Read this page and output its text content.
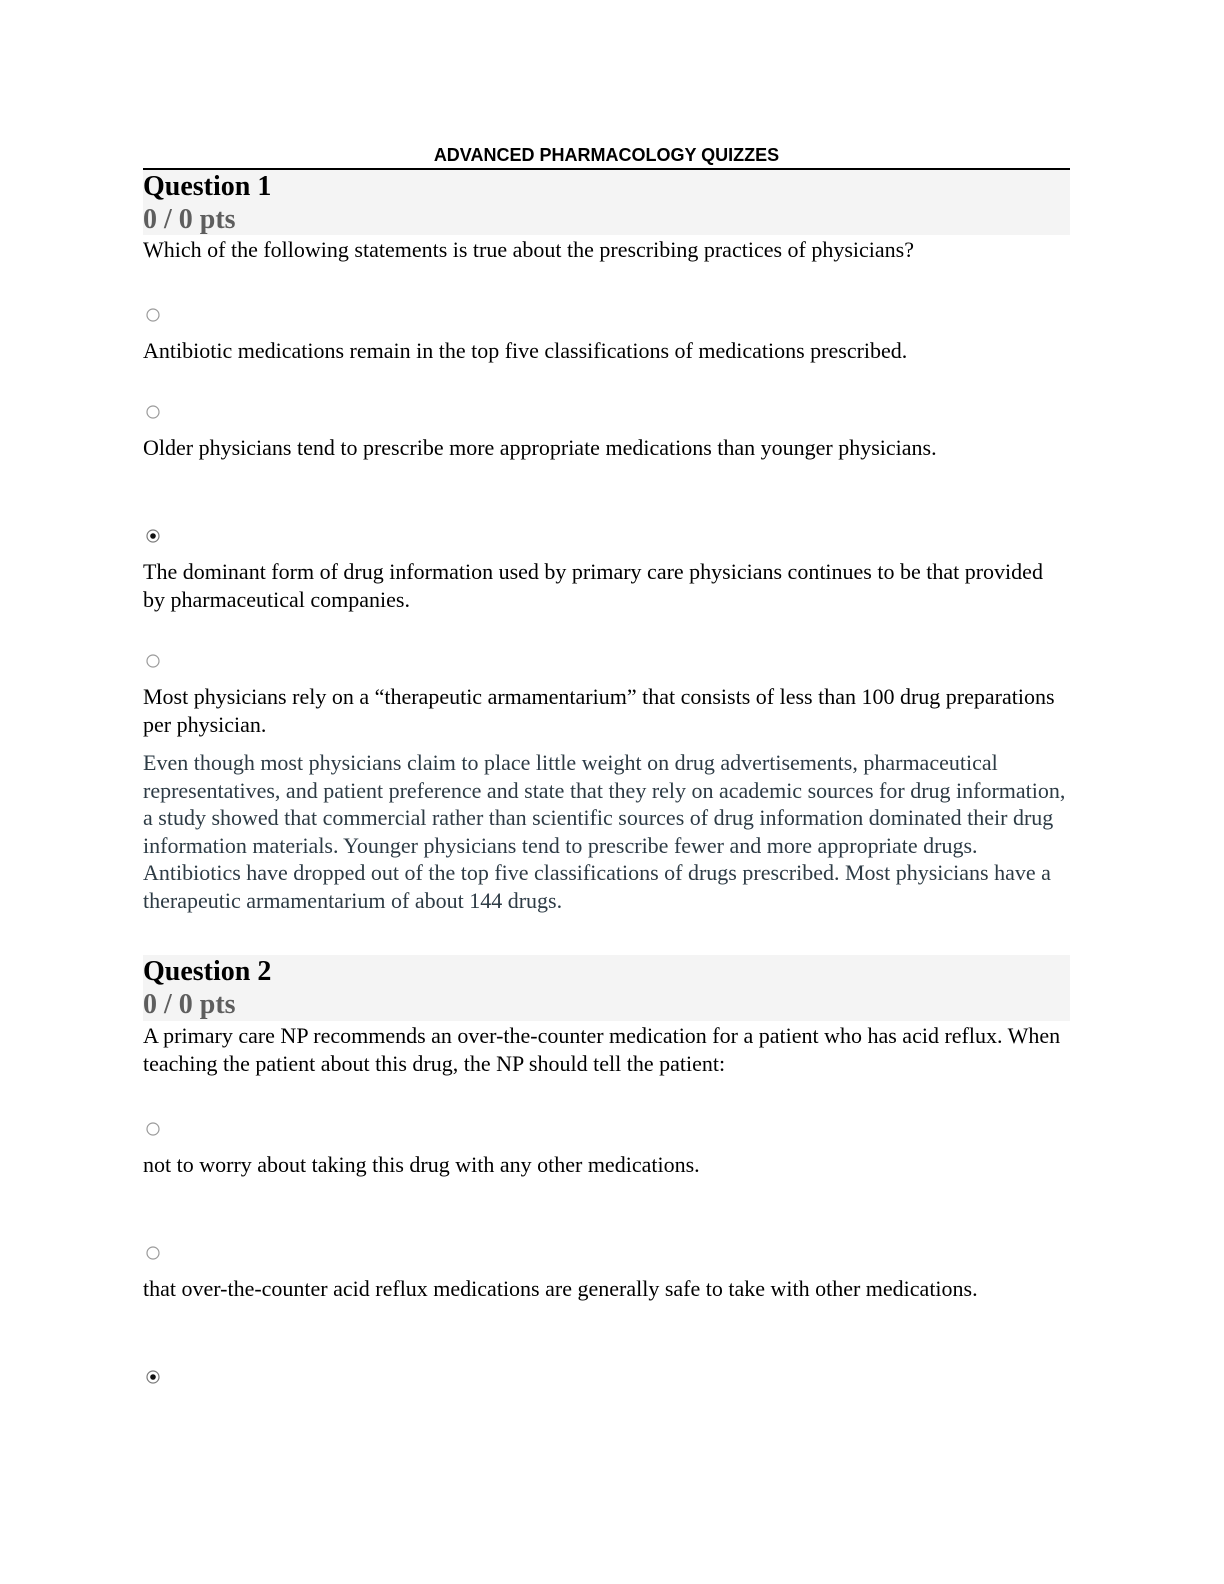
ADVANCED PHARMACOLOGY QUIZZES
Question 1
0 / 0 pts
Which of the following statements is true about the prescribing practices of physicians?
Antibiotic medications remain in the top five classifications of medications prescribed.
Older physicians tend to prescribe more appropriate medications than younger physicians.
The dominant form of drug information used by primary care physicians continues to be that provided by pharmaceutical companies.
Most physicians rely on a “therapeutic armamentarium” that consists of less than 100 drug preparations per physician.
Even though most physicians claim to place little weight on drug advertisements, pharmaceutical representatives, and patient preference and state that they rely on academic sources for drug information, a study showed that commercial rather than scientific sources of drug information dominated their drug information materials. Younger physicians tend to prescribe fewer and more appropriate drugs. Antibiotics have dropped out of the top five classifications of drugs prescribed. Most physicians have a therapeutic armamentarium of about 144 drugs.
Question 2
0 / 0 pts
A primary care NP recommends an over-the-counter medication for a patient who has acid reflux. When teaching the patient about this drug, the NP should tell the patient:
not to worry about taking this drug with any other medications.
that over-the-counter acid reflux medications are generally safe to take with other medications.
